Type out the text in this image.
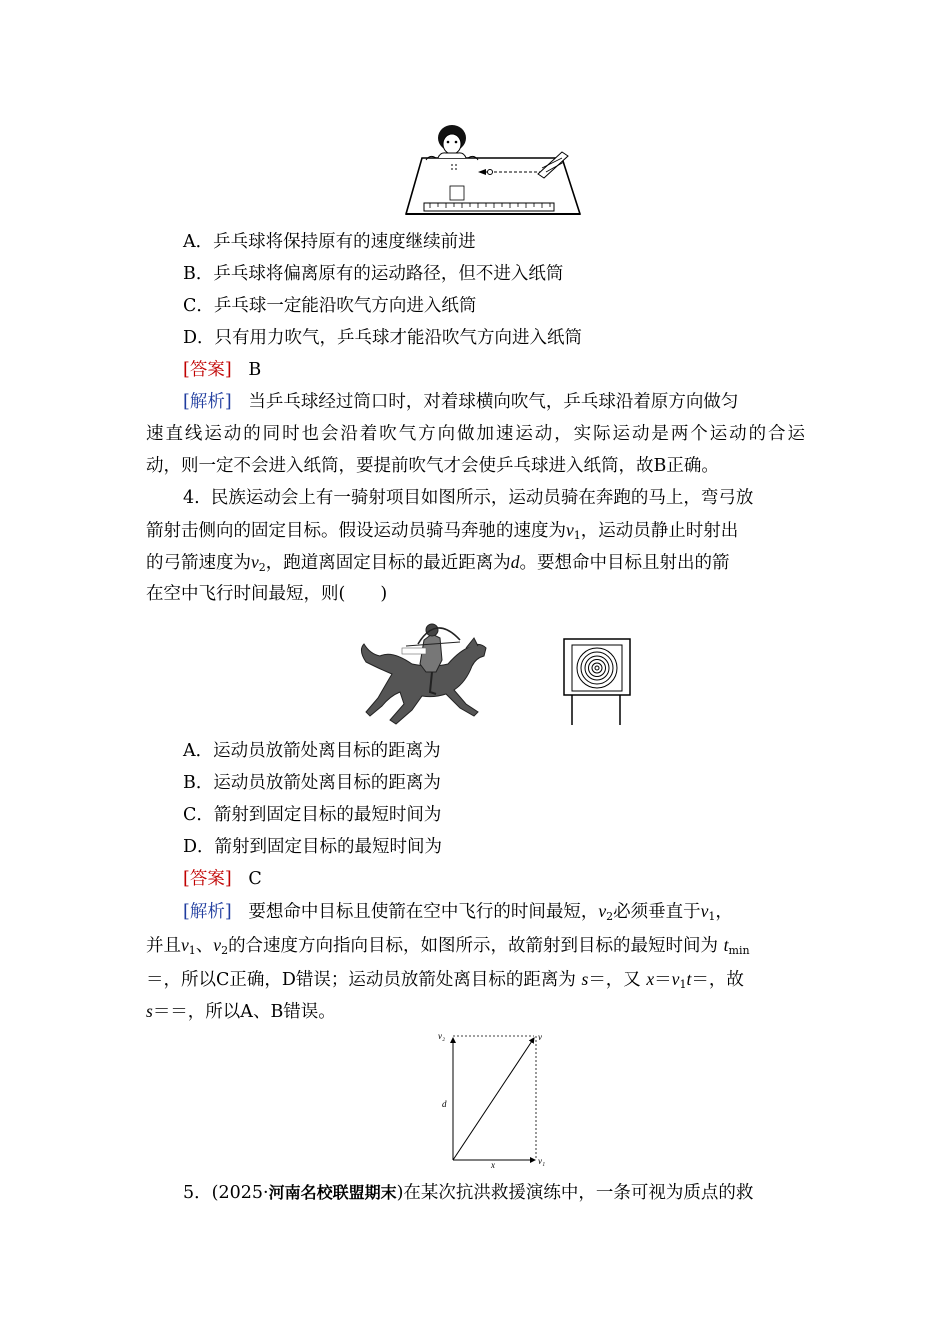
A．乒乓球将保持原有的速度继续前进
B．乒乓球将偏离原有的运动路径，但不进入纸筒
C．乒乓球一定能沿吹气方向进入纸筒
D．只有用力吹气，乒乓球才能沿吹气方向进入纸筒
[答案] B
[解析] 当乒乓球经过筒口时，对着球横向吹气，乒乓球沿着原方向做匀
速直线运动的同时也会沿着吹气方向做加速运动，实际运动是两个运动的合运
动，则一定不会进入纸筒，要提前吹气才会使乒乓球进入纸筒，故B正确。
4. 民族运动会上有一骑射项目如图所示，运动员骑在奔跑的马上，弯弓放
箭射击侧向的固定目标。假设运动员骑马奔驰的速度为$v_1$，运动员静止时射出
的弓箭速度为$v_2$，跑道离固定目标的最近距离为d。要想命中目标且射出的箭
在空中飞行时间最短，则(　　)
A．运动员放箭处离目标的距离为
B．运动员放箭处离目标的距离为
C．箭射到固定目标的最短时间为
D．箭射到固定目标的最短时间为
[答案] C
[解析] 要想命中目标且使箭在空中飞行的时间最短，$v_2$必须垂直于$v_1$，
并且$v_1$、$v_2$的合速度方向指向目标，如图所示，故箭射到目标的最短时间为 $t_{min}$
＝，所以C正确，D错误；运动员放箭处离目标的距离为 s＝，又 $x=v_1t=$，故
s＝＝，所以A、B错误。
v₂	v
d
x	v₁
5．(2025·河南名校联盟期末)在某次抗洪救援演练中，一条可视为质点的救
